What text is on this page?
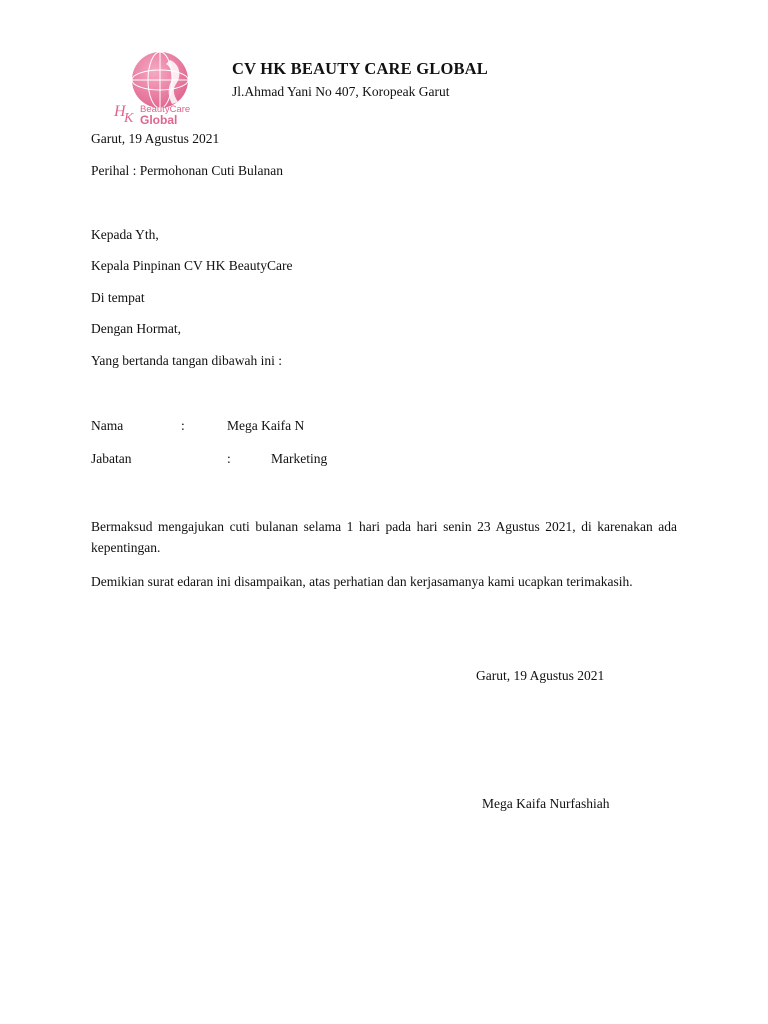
H
K
BeautyCare
Global
CV HK BEAUTY CARE GLOBAL
Jl.Ahmad Yani No 407, Koropeak Garut
Garut, 19 Agustus 2021
Perihal : Permohonan Cuti Bulanan
Kepada Yth,
Kepala Pinpinan CV HK BeautyCare
Di tempat
Dengan Hormat,
Yang bertanda tangan dibawah ini :
Nama	:	Mega Kaifa N
Jabatan	:	Marketing
Bermaksud mengajukan cuti bulanan selama 1 hari pada hari senin 23 Agustus 2021, di karenakan ada kepentingan.
Demikian surat edaran ini disampaikan, atas perhatian dan kerjasamanya kami ucapkan terimakasih.
Garut, 19 Agustus 2021
Mega Kaifa Nurfashiah
